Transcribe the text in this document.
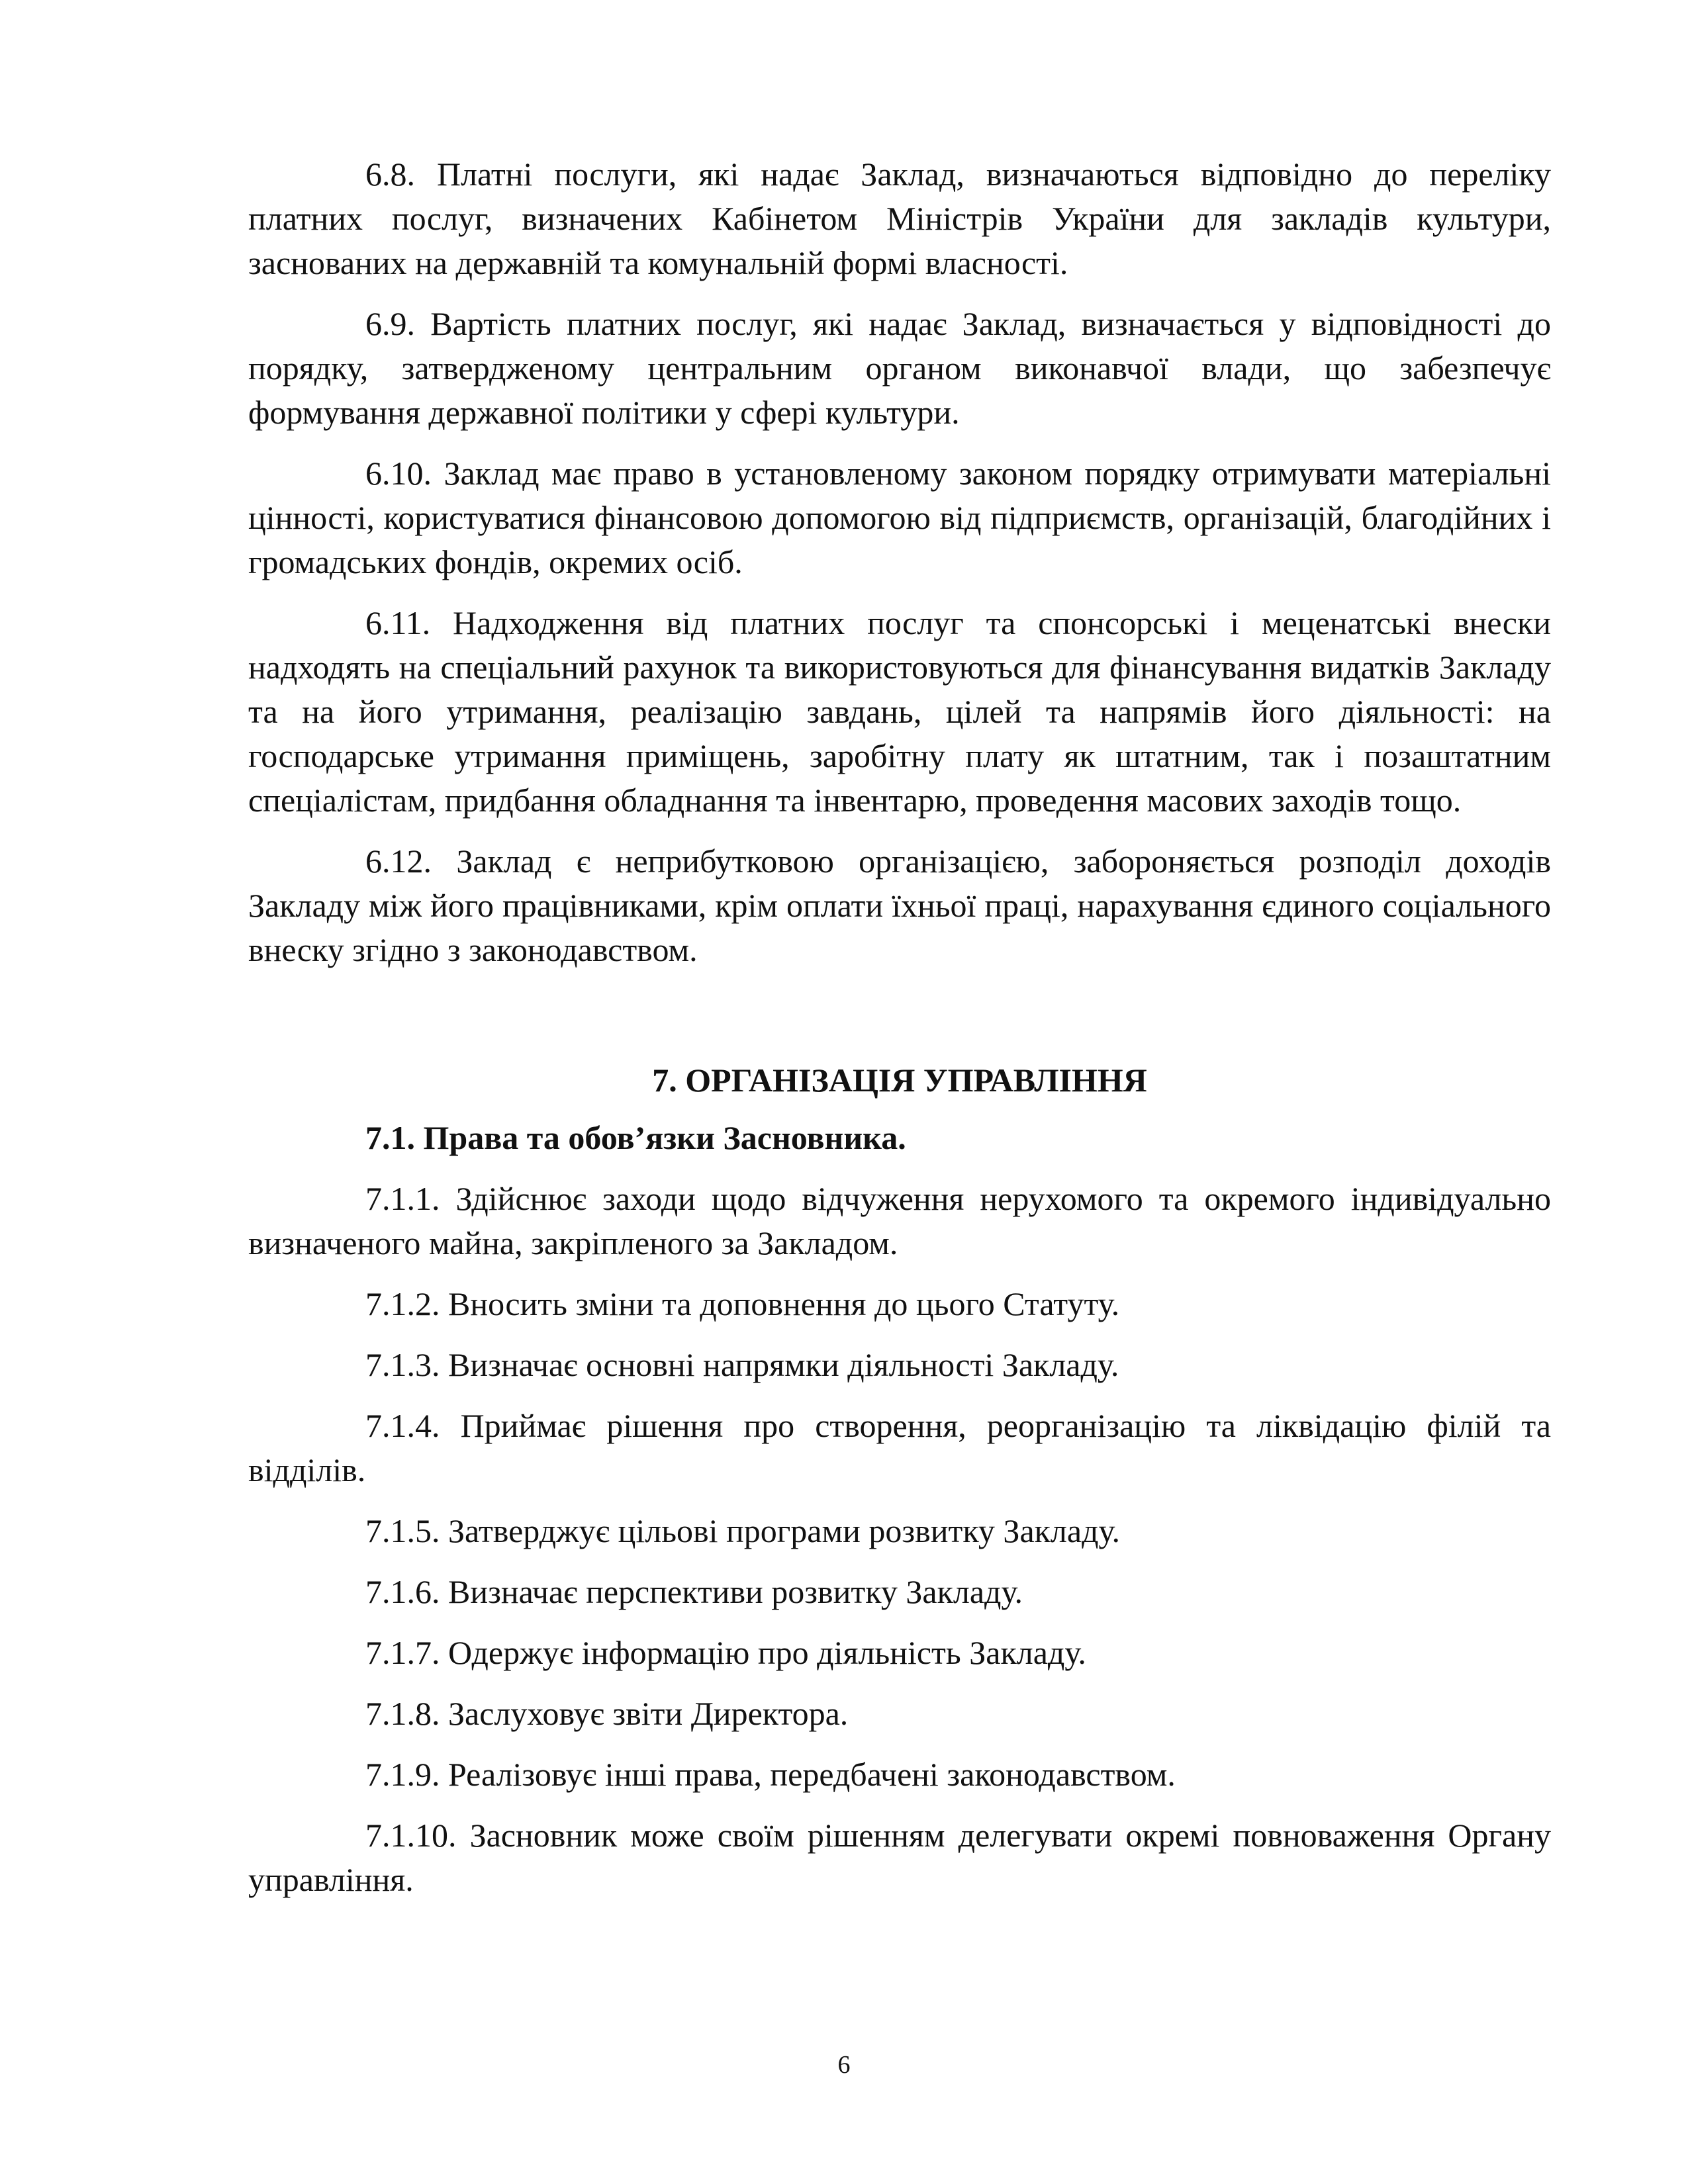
6.8. Платні послуги, які надає Заклад, визначаються відповідно до переліку платних послуг, визначених Кабінетом Міністрів України для закладів культури, заснованих на державній та комунальній формі власності.

6.9. Вартість платних послуг, які надає Заклад, визначається у відповідності до порядку, затвердженому центральним органом виконавчої влади, що забезпечує формування державної політики у сфері культури.

6.10. Заклад має право в установленому законом порядку отримувати матеріальні цінності, користуватися фінансовою допомогою від підприємств, організацій, благодійних і громадських фондів, окремих осіб.

6.11. Надходження від платних послуг та спонсорські і меценатські внески надходять на спеціальний рахунок та використовуються для фінансування видатків Закладу та на його утримання, реалізацію завдань, цілей та напрямів його діяльності: на господарське утримання приміщень, заробітну плату як штатним, так і позаштатним спеціалістам, придбання обладнання та інвентарю, проведення масових заходів тощо.

6.12. Заклад є неприбутковою організацією, забороняється розподіл доходів Закладу між його працівниками, крім оплати їхньої праці, нарахування єдиного соціального внеску згідно з законодавством.

7. ОРГАНІЗАЦІЯ УПРАВЛІННЯ
7.1. Права та обов’язки Засновника.

7.1.1. Здійснює заходи щодо відчуження нерухомого та окремого індивідуально визначеного майна, закріпленого за Закладом.

7.1.2. Вносить зміни та доповнення до цього Статуту.

7.1.3. Визначає основні напрямки діяльності Закладу.

7.1.4. Приймає рішення про створення, реорганізацію та ліквідацію філій та відділів.

7.1.5. Затверджує цільові програми розвитку Закладу.

7.1.6. Визначає перспективи розвитку Закладу.

7.1.7. Одержує інформацію про діяльність Закладу.

7.1.8. Заслуховує звіти Директора.

7.1.9. Реалізовує інші права, передбачені законодавством.

7.1.10. Засновник може своїм рішенням делегувати окремі повноваження Органу управління.

6
